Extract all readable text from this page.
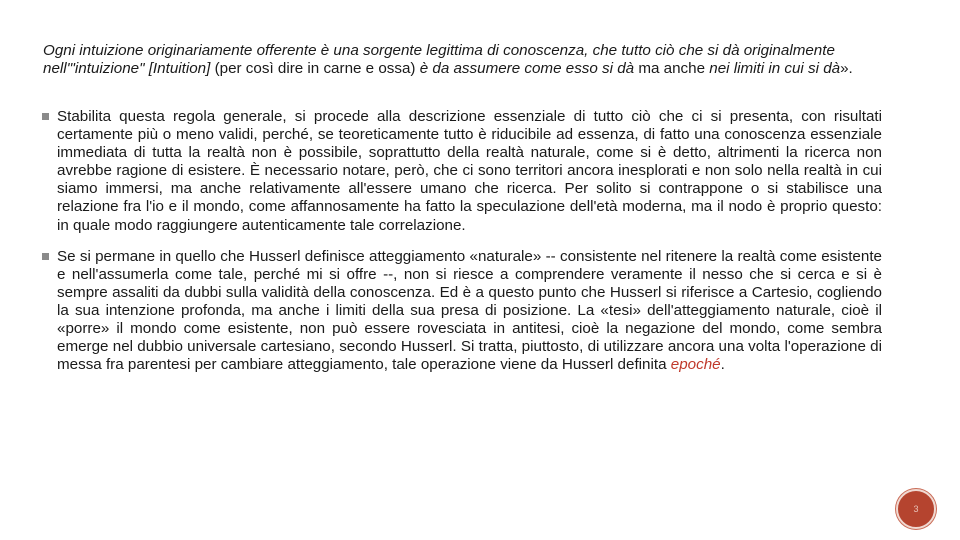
Ogni intuizione originariamente offerente è una sorgente legittima di conoscenza, che tutto ciò che si dà originalmente nell'"intuizione" [Intuition] (per così dire in carne e ossa) è da assumere come esso si dà ma anche nei limiti in cui si dà».

Stabilita questa regola generale, si procede alla descrizione essenziale di tutto ciò che ci si presenta, con risultati certamente più o meno validi, perché, se teoreticamente tutto è riducibile ad essenza, di fatto una conoscenza essenziale immediata di tutta la realtà non è possibile, soprattutto della realtà naturale, come si è detto, altrimenti la ricerca non avrebbe ragione di esistere. È necessario notare, però, che ci sono territori ancora inesplorati e non solo nella realtà in cui siamo immersi, ma anche relativamente all'essere umano che ricerca. Per solito si contrappone o si stabilisce una relazione fra l'io e il mondo, come affannosamente ha fatto la speculazione dell'età moderna, ma il nodo è proprio questo: in quale modo raggiungere autenticamente tale correlazione.
Se si permane in quello che Husserl definisce atteggiamento «naturale» -- consistente nel ritenere la realtà come esistente e nell'assumerla come tale, perché mi si offre --, non si riesce a comprendere veramente il nesso che si cerca e si è sempre assaliti da dubbi sulla validità della conoscenza. Ed è a questo punto che Husserl si riferisce a Cartesio, cogliendo la sua intenzione profonda, ma anche i limiti della sua presa di posizione. La «tesi» dell'atteggiamento naturale, cioè il «porre» il mondo come esistente, non può essere rovesciata in antitesi, cioè la negazione del mondo, come sembra emerge nel dubbio universale cartesiano, secondo Husserl. Si tratta, piuttosto, di utilizzare ancora una volta l'operazione di messa fra parentesi per cambiare atteggiamento, tale operazione viene da Husserl definita epoché.
3
